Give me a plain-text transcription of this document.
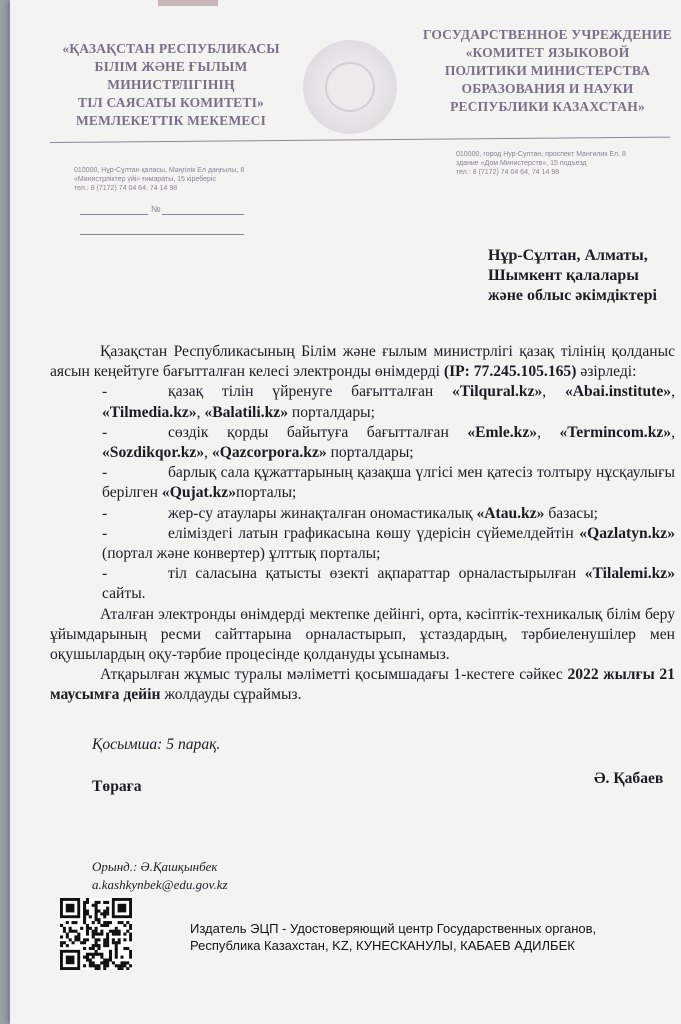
«ҚАЗАҚСТАН РЕСПУБЛИКАСЫ
БІЛІМ ЖӘНЕ ҒЫЛЫМ
МИНИСТРЛІГІНІҢ
ТІЛ САЯСАТЫ КОМИТЕТІ»
МЕМЛЕКЕТТІК МЕКЕМЕСІ
ГОСУДАРСТВЕННОЕ УЧРЕЖДЕНИЕ
«КОМИТЕТ ЯЗЫКОВОЙ
ПОЛИТИКИ МИНИСТЕРСТВА
ОБРАЗОВАНИЯ И НАУКИ
РЕСПУБЛИКИ КАЗАХСТАН»
010000, Нұр-Сұлтан қаласы, Мәңгілік Ел даңғылы, 8
«Министрліктер үйі» ғимараты, 15 кіреберіс
тел.: 8 (7172) 74 04 64, 74 14 98
010000, город Нур-Султан, проспект Мангилик Ел, 8
здание «Дом Министерств», 15 подъезд
тел.: 8 (7172) 74 04 64, 74 14 98
№
Нұр-Сұлтан, Алматы,
Шымкент қалалары
және облыс әкімдіктері

Қазақстан Республикасының Білім және ғылым министрлігі қазақ тілінің қолданыс аясын кеңейтуге бағытталған келесі электронды өнімдерді (IP: 77.245.105.165) әзірледі:

-	қазақ тілін үйренуге бағытталған «Tilqural.kz», «Abai.institute», «Tilmedia.kz», «Balatili.kz» порталдары;

-	сөздік қорды байытуға бағытталған «Emle.kz», «Termincom.kz», «Sozdikqor.kz», «Qazcorpora.kz» порталдары;

-	барлық сала құжаттарының қазақша үлгісі мен қатесіз толтыру нұсқаулығы берілген «Qujat.kz»порталы;

-	жер-су атаулары жинақталған ономастикалық «Atau.kz» базасы;

-	еліміздегі латын графикасына көшу үдерісін сүйемелдейтін «Qazlatyn.kz» (портал және конвертер) ұлттық порталы;

-	тіл саласына қатысты өзекті ақпараттар орналастырылған «Tilalemi.kz» сайты.

Аталған электронды өнімдерді мектепке дейінгі, орта, кәсіптік-техникалық білім беру ұйымдарының ресми сайттарына орналастырып, ұстаздардың, тәрбиеленушілер мен оқушылардың оқу-тәрбие процесінде қолдануды ұсынамыз.

Атқарылған жұмыс туралы мәліметті қосымшадағы 1-кестеге сәйкес 2022 жылғы 21 маусымға дейін жолдауды сұраймыз.

Қосымша: 5 парақ.
Төраға	Ә. Қабаев
Орынд.: Ә.Қашқынбек
a.kashkynbek@edu.gov.kz
Издатель ЭЦП - Удостоверяющий центр Государственных органов,
Республика Казахстан, KZ, КУНЕСКАНУЛЫ, КАБАЕВ АДИЛБЕК
